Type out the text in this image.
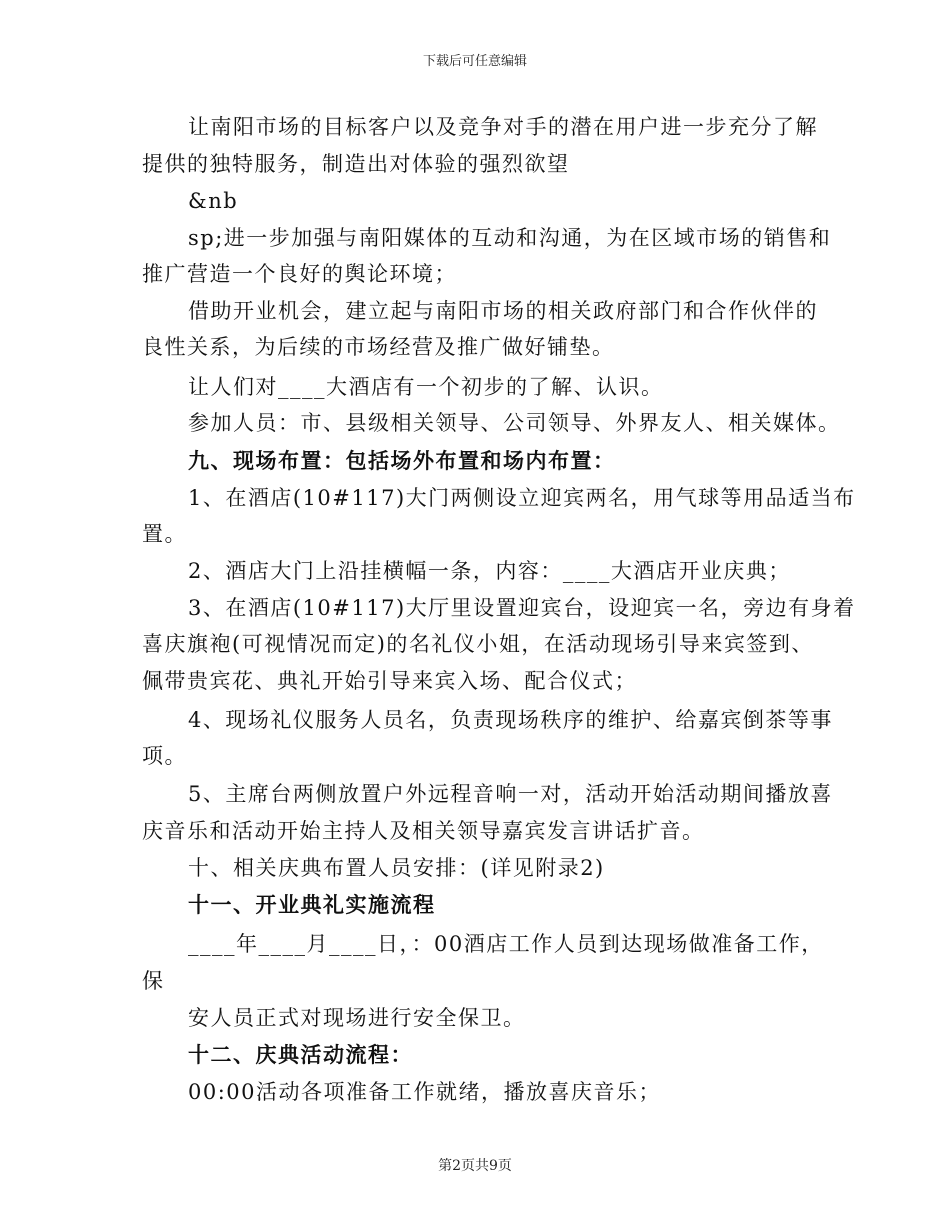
下载后可任意编辑
让南阳市场的目标客户以及竞争对手的潜在用户进一步充分了解
提供的独特服务，制造出对体验的强烈欲望
&nb
sp;进一步加强与南阳媒体的互动和沟通，为在区域市场的销售和
推广营造一个良好的舆论环境；
借助开业机会，建立起与南阳市场的相关政府部门和合作伙伴的
良性关系，为后续的市场经营及推广做好铺垫。
让人们对____大酒店有一个初步的了解、认识。
参加人员：市、县级相关领导、公司领导、外界友人、相关媒体。
九、现场布置：包括场外布置和场内布置：
1、在酒店(10#117)大门两侧设立迎宾两名，用气球等用品适当布
置。
2、酒店大门上沿挂横幅一条，内容：____大酒店开业庆典；
3、在酒店(10#117)大厅里设置迎宾台，设迎宾一名，旁边有身着
喜庆旗袍(可视情况而定)的名礼仪小姐，在活动现场引导来宾签到、
佩带贵宾花、典礼开始引导来宾入场、配合仪式；
4、现场礼仪服务人员名，负责现场秩序的维护、给嘉宾倒茶等事
项。
5、主席台两侧放置户外远程音响一对，活动开始活动期间播放喜
庆音乐和活动开始主持人及相关领导嘉宾发言讲话扩音。
十、相关庆典布置人员安排：(详见附录2)
十一、开业典礼实施流程
____年____月____日，：00酒店工作人员到达现场做准备工作，
保
安人员正式对现场进行安全保卫。
十二、庆典活动流程：
00:00活动各项准备工作就绪，播放喜庆音乐；
第2页共9页
